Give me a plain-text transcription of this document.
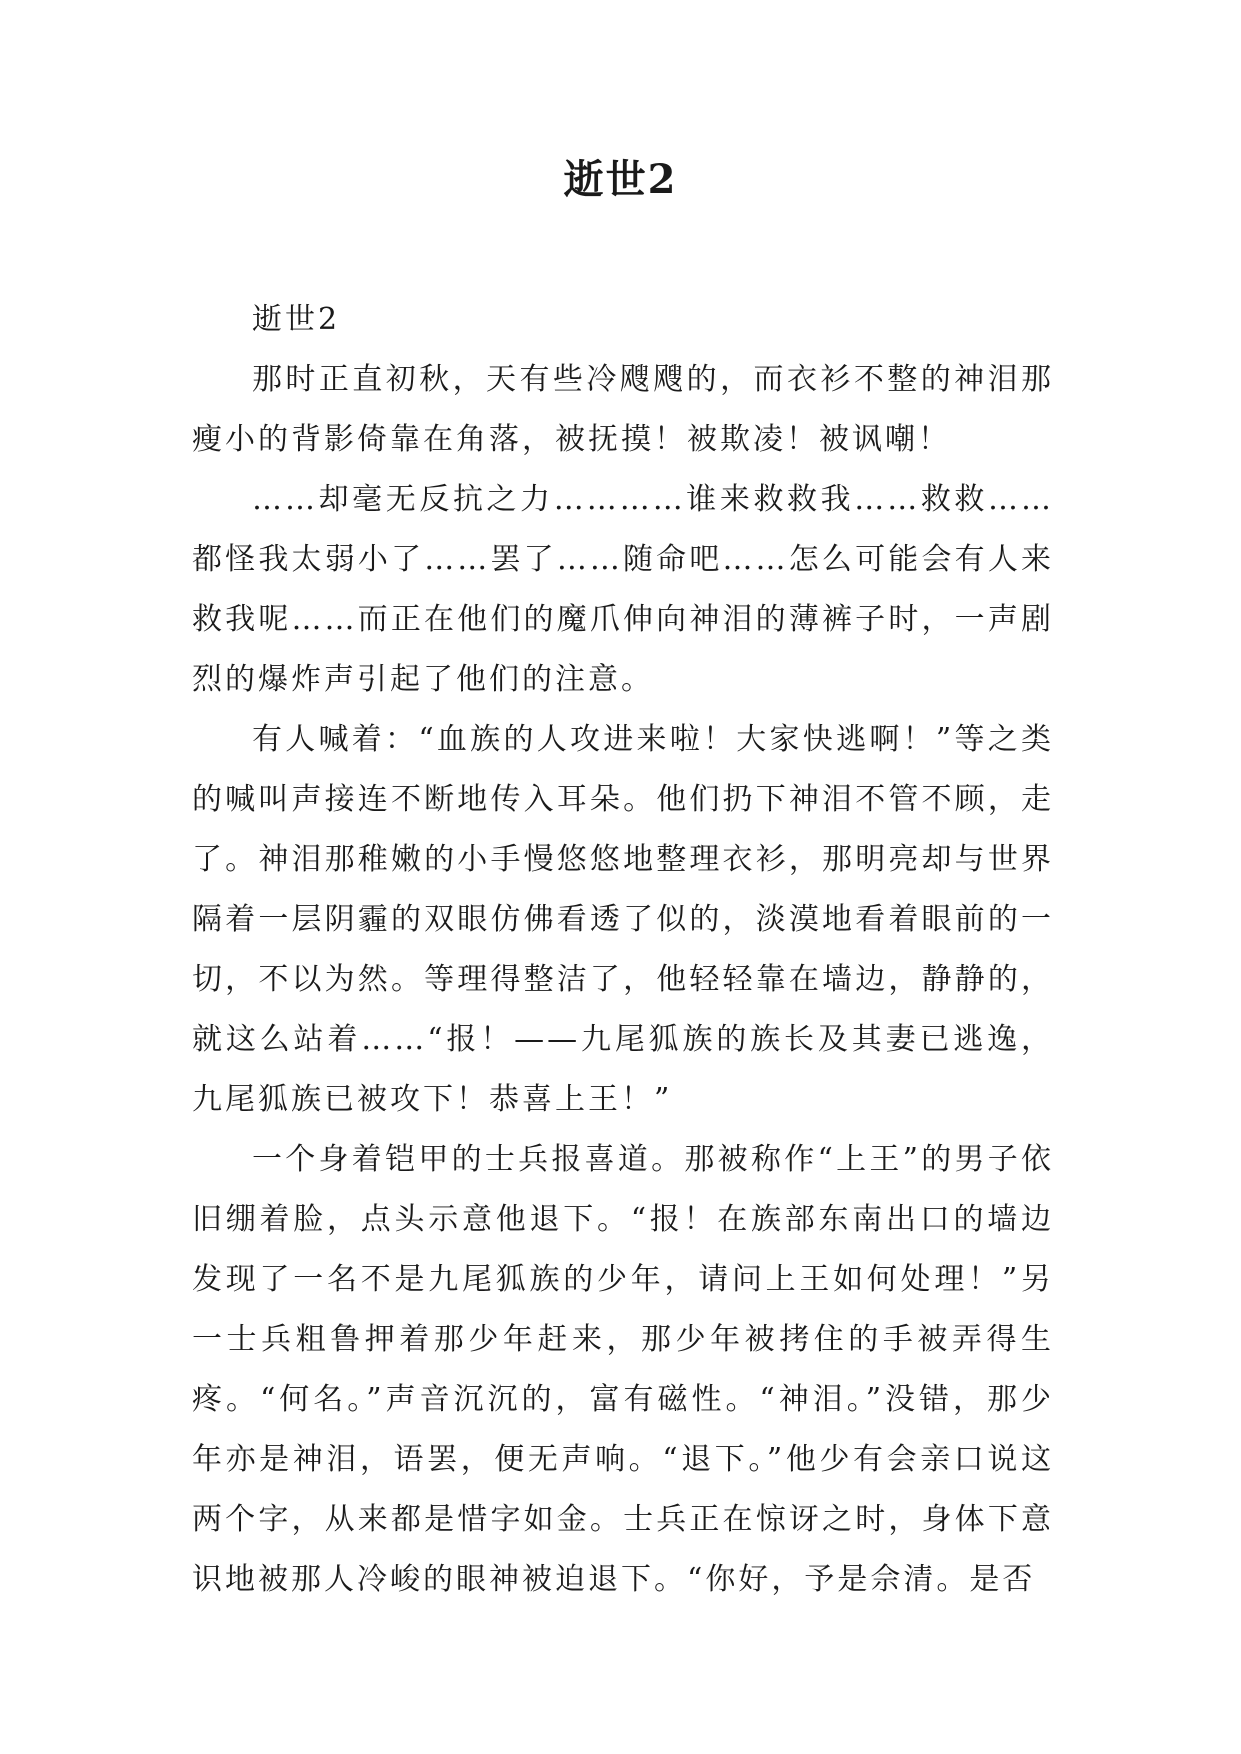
逝世2

逝世2

那时正直初秋，天有些冷飕飕的，而衣衫不整的神泪那瘦小的背影倚靠在角落，被抚摸！被欺凌！被讽嘲！

……却毫无反抗之力…………谁来救救我……救救……都怪我太弱小了……罢了……随命吧……怎么可能会有人来救我呢……而正在他们的魔爪伸向神泪的薄裤子时，一声剧烈的爆炸声引起了他们的注意。

有人喊着：“血族的人攻进来啦！大家快逃啊！”等之类的喊叫声接连不断地传入耳朵。他们扔下神泪不管不顾，走了。神泪那稚嫩的小手慢悠悠地整理衣衫，那明亮却与世界隔着一层阴霾的双眼仿佛看透了似的，淡漠地看着眼前的一切，不以为然。等理得整洁了，他轻轻靠在墙边，静静的，就这么站着……“报！——九尾狐族的族长及其妻已逃逸，九尾狐族已被攻下！恭喜上王！”

一个身着铠甲的士兵报喜道。那被称作“上王”的男子依旧绷着脸，点头示意他退下。“报！在族部东南出口的墙边发现了一名不是九尾狐族的少年，请问上王如何处理！”另一士兵粗鲁押着那少年赶来，那少年被拷住的手被弄得生疼。“何名。”声音沉沉的，富有磁性。“神泪。”没错，那少年亦是神泪，语罢，便无声响。“退下。”他少有会亲口说这两个字，从来都是惜字如金。士兵正在惊讶之时，身体下意识地被那人冷峻的眼神被迫退下。“你好，予是佘清。是否
